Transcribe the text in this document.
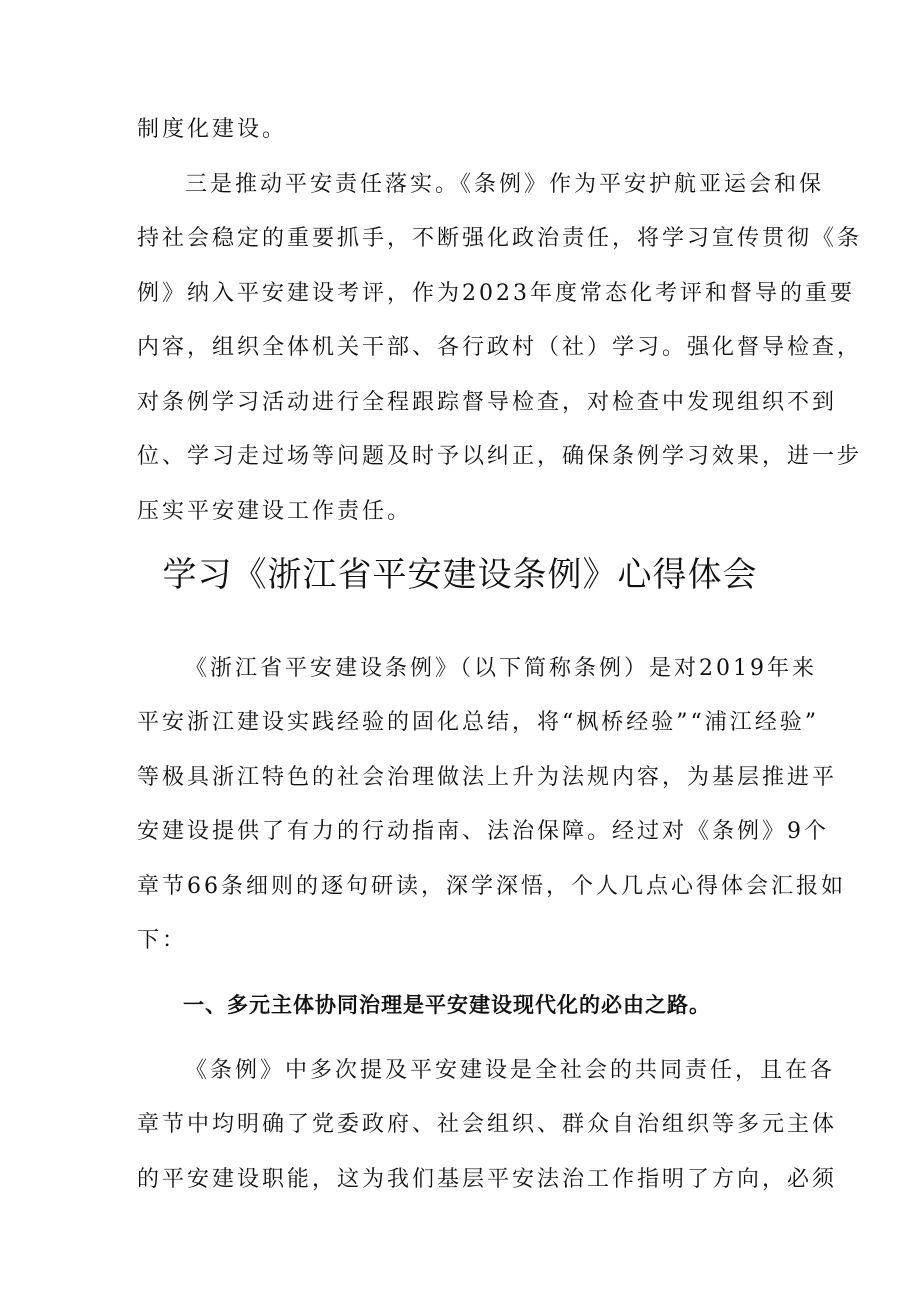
制度化建设。
三是推动平安责任落实。《条例》作为平安护航亚运会和保
持社会稳定的重要抓手，不断强化政治责任，将学习宣传贯彻《条
例》纳入平安建设考评，作为2023年度常态化考评和督导的重要
内容，组织全体机关干部、各行政村（社）学习。强化督导检查，
对条例学习活动进行全程跟踪督导检查，对检查中发现组织不到
位、学习走过场等问题及时予以纠正，确保条例学习效果，进一步
压实平安建设工作责任。
学习《浙江省平安建设条例》心得体会
《浙江省平安建设条例》（以下简称条例）是对2019年来
平安浙江建设实践经验的固化总结，将“枫桥经验”“浦江经验”
等极具浙江特色的社会治理做法上升为法规内容，为基层推进平
安建设提供了有力的行动指南、法治保障。经过对《条例》9个
章节66条细则的逐句研读，深学深悟，个人几点心得体会汇报如
下：
一、多元主体协同治理是平安建设现代化的必由之路。
《条例》中多次提及平安建设是全社会的共同责任，且在各
章节中均明确了党委政府、社会组织、群众自治组织等多元主体
的平安建设职能，这为我们基层平安法治工作指明了方向，必须
